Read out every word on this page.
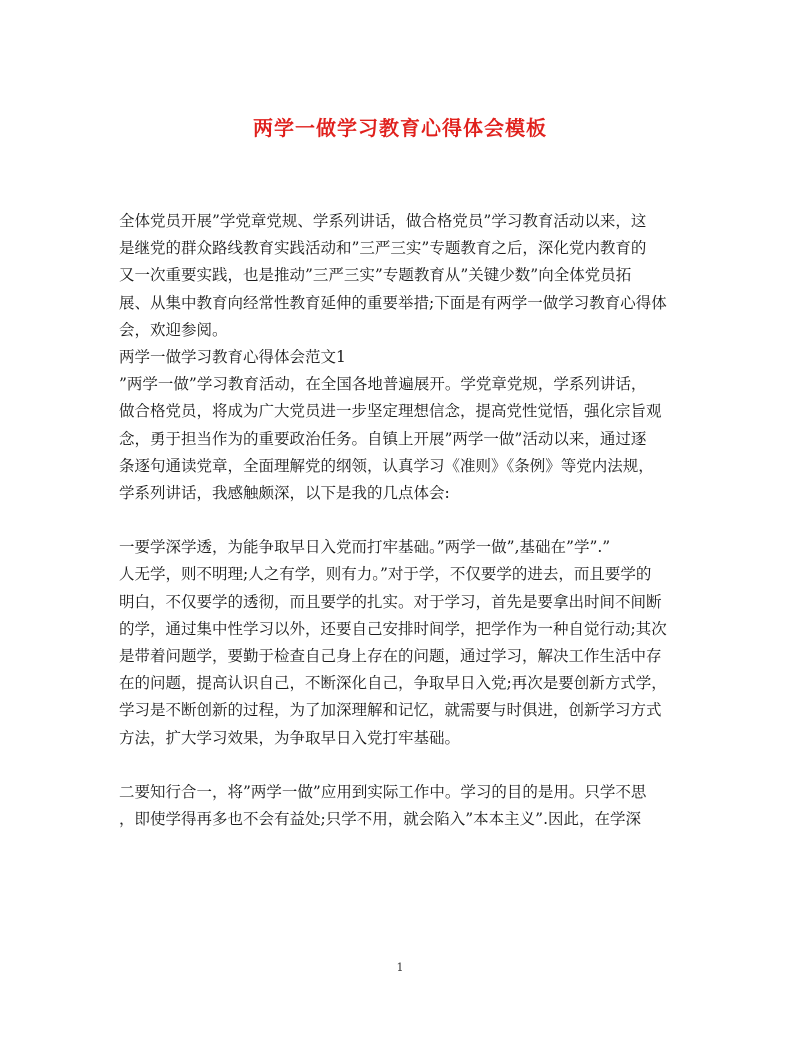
两学一做学习教育心得体会模板
全体党员开展”学党章党规、学系列讲话，做合格党员”学习教育活动以来，这
是继党的群众路线教育实践活动和”三严三实”专题教育之后，深化党内教育的
又一次重要实践，也是推动”三严三实”专题教育从”关键少数”向全体党员拓
展、从集中教育向经常性教育延伸的重要举措;下面是有两学一做学习教育心得体
会，欢迎参阅。
两学一做学习教育心得体会范文1
”两学一做”学习教育活动，在全国各地普遍展开。学党章党规，学系列讲话，
做合格党员，将成为广大党员进一步坚定理想信念，提高党性觉悟，强化宗旨观
念，勇于担当作为的重要政治任务。自镇上开展”两学一做”活动以来，通过逐
条逐句通读党章，全面理解党的纲领，认真学习《准则》《条例》等党内法规，
学系列讲话，我感触颇深，以下是我的几点体会:
一要学深学透，为能争取早日入党而打牢基础。”两学一做”,基础在”学”.”
人无学，则不明理;人之有学，则有力。”对于学，不仅要学的进去，而且要学的
明白，不仅要学的透彻，而且要学的扎实。对于学习，首先是要拿出时间不间断
的学，通过集中性学习以外，还要自己安排时间学，把学作为一种自觉行动;其次
是带着问题学，要勤于检查自己身上存在的问题，通过学习，解决工作生活中存
在的问题，提高认识自己，不断深化自己，争取早日入党;再次是要创新方式学，
学习是不断创新的过程，为了加深理解和记忆，就需要与时俱进，创新学习方式
方法，扩大学习效果，为争取早日入党打牢基础。
二要知行合一，将”两学一做”应用到实际工作中。学习的目的是用。只学不思
，即使学得再多也不会有益处;只学不用，就会陷入”本本主义”.因此，在学深
1
